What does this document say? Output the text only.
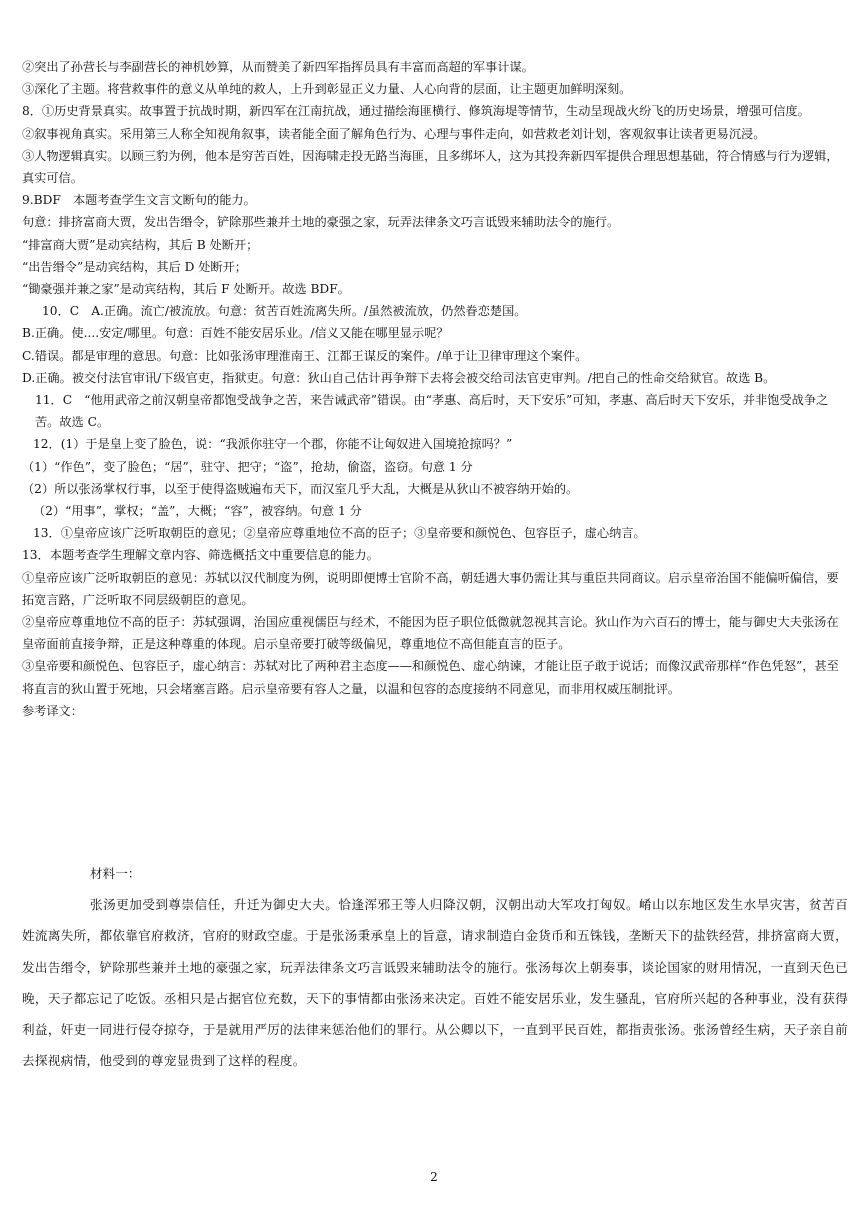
②突出了孙营长与李副营长的神机妙算，从而赞美了新四军指挥员具有丰富而高超的军事计谋。

③深化了主题。将营救事件的意义从单纯的救人，上升到彰显正义力量、人心向背的层面，让主题更加鲜明深刻。

8．①历史背景真实。故事置于抗战时期，新四军在江南抗战，通过描绘海匪横行、修筑海堤等情节，生动呈现战火纷飞的历史场景，增强可信度。

②叙事视角真实。采用第三人称全知视角叙事，读者能全面了解角色行为、心理与事件走向，如营救老刘计划，客观叙事让读者更易沉浸。

③人物逻辑真实。以顾三豹为例，他本是穷苦百姓，因海啸走投无路当海匪，且多绑坏人，这为其投奔新四军提供合理思想基础，符合情感与行为逻辑，真实可信。

9.BDF　本题考查学生文言文断句的能力。

句意：排挤富商大贾，发出告缗令，铲除那些兼并土地的豪强之家，玩弄法律条文巧言诋毁来辅助法令的施行。

“排富商大贾”是动宾结构，其后 B 处断开；

“出告缗令”是动宾结构，其后 D 处断开；

“锄豪强并兼之家”是动宾结构，其后 F 处断开。故选 BDF。

10．C　A.正确。流亡/被流放。句意：贫苦百姓流离失所。/虽然被流放，仍然眷恋楚国。

B.正确。使....安定/哪里。句意：百姓不能安居乐业。/信义又能在哪里显示呢？

C.错误。都是审理的意思。句意：比如张汤审理淮南王、江都王谋反的案件。/单于让卫律审理这个案件。

D.正确。被交付法官审讯/下级官吏，指狱吏。句意：狄山自己估计再争辩下去将会被交给司法官吏审判。/把自己的性命交给狱官。故选 B。

11．C　“他用武帝之前汉朝皇帝都饱受战争之苦，来告诫武帝”错误。由“孝惠、高后时，天下安乐”可知，孝惠、高后时天下安乐，并非饱受战争之苦。故选 C。

12．(1）于是皇上变了脸色，说：“我派你驻守一个郡，你能不让匈奴进入国境抢掠吗？”

（1）“作色”，变了脸色；“居”，驻守、把守；“盗”，抢劫，偷盗，盗窃。句意 1 分

（2）所以张汤掌权行事，以至于使得盗贼遍布天下，而汉室几乎大乱，大概是从狄山不被容纳开始的。

（2）“用事”，掌权；“盖”，大概；“容”，被容纳。句意 1 分

13．①皇帝应该广泛听取朝臣的意见；②皇帝应尊重地位不高的臣子；③皇帝要和颜悦色、包容臣子，虚心纳言。

13．本题考查学生理解文章内容、筛选概括文中重要信息的能力。

①皇帝应该广泛听取朝臣的意见：苏轼以汉代制度为例，说明即便博士官阶不高，朝廷遇大事仍需让其与重臣共同商议。启示皇帝治国不能偏听偏信，要拓宽言路，广泛听取不同层级朝臣的意见。

②皇帝应尊重地位不高的臣子：苏轼强调，治国应重视儒臣与经术，不能因为臣子职位低微就忽视其言论。狄山作为六百石的博士，能与御史大夫张汤在皇帝面前直接争辩，正是这种尊重的体现。启示皇帝要打破等级偏见，尊重地位不高但能直言的臣子。

③皇帝要和颜悦色、包容臣子，虚心纳言：苏轼对比了两种君主态度——和颜悦色、虚心纳谏，才能让臣子敢于说话；而像汉武帝那样“作色凭怒”，甚至将直言的狄山置于死地，只会堵塞言路。启示皇帝要有容人之量，以温和包容的态度接纳不同意见，而非用权威压制批评。

参考译文：

材料一：

张汤更加受到尊崇信任，升迁为御史大夫。恰逢浑邪王等人归降汉朝，汉朝出动大军攻打匈奴。崤山以东地区发生水旱灾害，贫苦百姓流离失所，都依靠官府救济，官府的财政空虚。于是张汤秉承皇上的旨意，请求制造白金货币和五铢钱，垄断天下的盐铁经营，排挤富商大贾，发出告缗令，铲除那些兼并土地的豪强之家，玩弄法律条文巧言诋毁来辅助法令的施行。张汤每次上朝奏事，谈论国家的财用情况，一直到天色已晚，天子都忘记了吃饭。丞相只是占据官位充数，天下的事情都由张汤来决定。百姓不能安居乐业，发生骚乱，官府所兴起的各种事业，没有获得利益，奸吏一同进行侵夺掠夺，于是就用严厉的法律来惩治他们的罪行。从公卿以下，一直到平民百姓，都指责张汤。张汤曾经生病，天子亲自前去探视病情，他受到的尊宠显贵到了这样的程度。

2
